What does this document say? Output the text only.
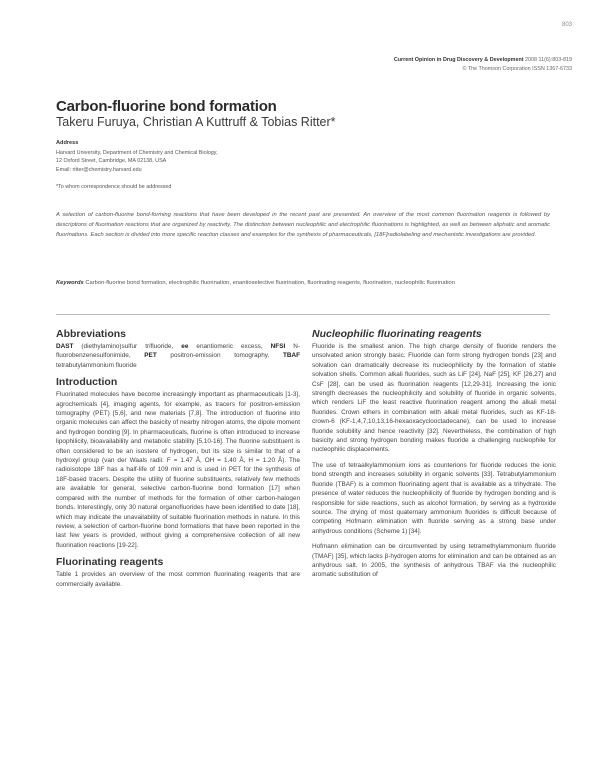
803
Current Opinion in Drug Discovery & Development 2008 11(6):803-819
© The Thomson Corporation ISSN 1367-6733
Carbon-fluorine bond formation
Takeru Furuya, Christian A Kuttruff & Tobias Ritter*
Address
Harvard University, Department of Chemistry and Chemical Biology,
12 Oxford Street, Cambridge, MA 02138, USA
Email: ritter@chemistry.harvard.edu
*To whom correspondence should be addressed
A selection of carbon-fluorine bond-forming reactions that have been developed in the recent past are presented. An overview of the most common fluorination reagents is followed by descriptions of fluorination reactions that are organized by reactivity. The distinction between nucleophilic and electrophilic fluorinations is highlighted, as well as between aliphatic and aromatic fluorinations. Each section is divided into more specific reaction classes and examples for the synthesis of pharmaceuticals, [18F]radiolabeling and mechanistic investigations are provided.
Keywords Carbon-fluorine bond formation, electrophilic fluorination, enantioselective fluorination, fluorinating reagents, fluorination, nucleophilic fluorination
Abbreviations

DAST (diethylamino)sulfur trifluoride, ee enantiomeric excess, NFSI N-fluorobenzenesulfonimide, PET positron-emission tomography, TBAF tetrabutylammonium fluoride

Introduction

Fluorinated molecules have become increasingly important as pharmaceuticals [1-3], agrochemicals [4], imaging agents, for example, as tracers for positron-emission tomography (PET) [5,6], and new materials [7,8]. The introduction of fluorine into organic molecules can affect the basicity of nearby nitrogen atoms, the dipole moment and hydrogen bonding [9]. In pharmaceuticals, fluorine is often introduced to increase lipophilicity, bioavailability and metabolic stability [5,10-16]. The fluorine substituent is often considered to be an isostere of hydrogen, but its size is similar to that of a hydroxyl group (van der Waals radii: F = 1.47 Å, OH = 1.40 Å, H = 1.20 Å). The radioisotope 18F has a half-life of 109 min and is used in PET for the synthesis of 18F-based tracers. Despite the utility of fluorine substituents, relatively few methods are available for general, selective carbon-fluorine bond formation [17] when compared with the number of methods for the formation of other carbon-halogen bonds. Interestingly, only 30 natural organofluorides have been identified to date [18], which may indicate the unavailability of suitable fluorination methods in nature. In this review, a selection of carbon-fluorine bond formations that have been reported in the last few years is provided, without giving a comprehensive collection of all new fluorination reactions [19-22].

Fluorinating reagents

Table 1 provides an overview of the most common fluorinating reagents that are commercially available.

Nucleophilic fluorinating reagents

Fluoride is the smallest anion. The high charge density of fluoride renders the unsolvated anion strongly basic. Fluoride can form strong hydrogen bonds [23] and solvation can dramatically decrease its nucleophilicity by the formation of stable solvation shells. Common alkali fluorides, such as LiF [24], NaF [25], KF [26,27] and CsF [28], can be used as fluorination reagents [12,29-31]. Increasing the ionic strength decreases the nucleophilicity and solubility of fluoride in organic solvents, which renders LiF the least reactive fluorination reagent among the alkali metal fluorides. Crown ethers in combination with alkali metal fluorides, such as KF-18-crown-6 (KF-1,4,7,10,13,16-hexaoxacyclooctadecane), can be used to increase fluoride solubility and hence reactivity [32]. Nevertheless, the combination of high basicity and strong hydrogen bonding makes fluoride a challenging nucleophile for nucleophilic displacements.

The use of tetraalkylammonium ions as counterions for fluoride reduces the ionic bond strength and increases solubility in organic solvents [33]. Tetrabutylammonium fluoride (TBAF) is a common fluorinating agent that is available as a trihydrate. The presence of water reduces the nucleophilicity of fluoride by hydrogen bonding and is responsible for side reactions, such as alcohol formation, by serving as a hydroxide source. The drying of most quaternary ammonium fluorides is difficult because of competing Hofmann elimination with fluoride serving as a strong base under anhydrous conditions (Scheme 1) [34].

Hofmann elimination can be circumvented by using tetramethylammonium fluoride (TMAF) [35], which lacks β-hydrogen atoms for elimination and can be obtained as an anhydrous salt. In 2005, the synthesis of anhydrous TBAF via the nucleophilic aromatic substitution of
